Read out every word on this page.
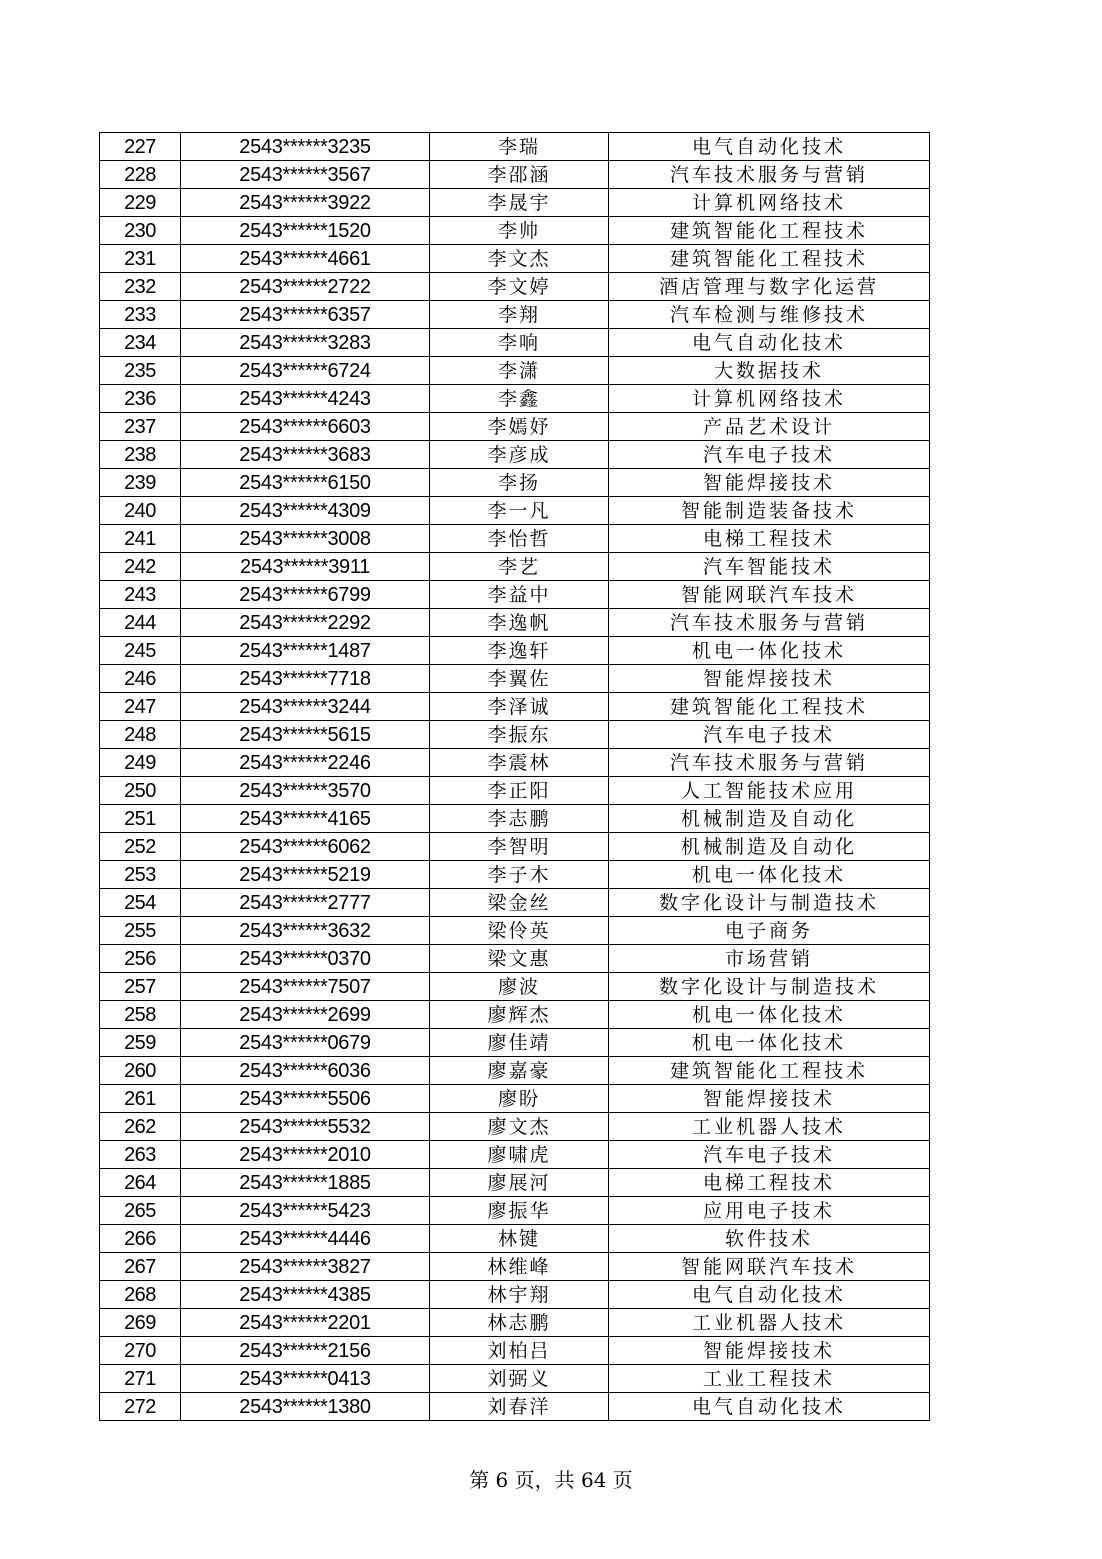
227	2543******3235	李瑞	电气自动化技术
228	2543******3567	李邵涵	汽车技术服务与营销
229	2543******3922	李晟宇	计算机网络技术
230	2543******1520	李帅	建筑智能化工程技术
231	2543******4661	李文杰	建筑智能化工程技术
232	2543******2722	李文婷	酒店管理与数字化运营
233	2543******6357	李翔	汽车检测与维修技术
234	2543******3283	李响	电气自动化技术
235	2543******6724	李潇	大数据技术
236	2543******4243	李鑫	计算机网络技术
237	2543******6603	李嫣妤	产品艺术设计
238	2543******3683	李彦成	汽车电子技术
239	2543******6150	李扬	智能焊接技术
240	2543******4309	李一凡	智能制造装备技术
241	2543******3008	李怡哲	电梯工程技术
242	2543******3911	李艺	汽车智能技术
243	2543******6799	李益中	智能网联汽车技术
244	2543******2292	李逸帆	汽车技术服务与营销
245	2543******1487	李逸轩	机电一体化技术
246	2543******7718	李翼佐	智能焊接技术
247	2543******3244	李泽诚	建筑智能化工程技术
248	2543******5615	李振东	汽车电子技术
249	2543******2246	李震林	汽车技术服务与营销
250	2543******3570	李正阳	人工智能技术应用
251	2543******4165	李志鹏	机械制造及自动化
252	2543******6062	李智明	机械制造及自动化
253	2543******5219	李子木	机电一体化技术
254	2543******2777	梁金丝	数字化设计与制造技术
255	2543******3632	梁伶英	电子商务
256	2543******0370	梁文惠	市场营销
257	2543******7507	廖波	数字化设计与制造技术
258	2543******2699	廖辉杰	机电一体化技术
259	2543******0679	廖佳靖	机电一体化技术
260	2543******6036	廖嘉豪	建筑智能化工程技术
261	2543******5506	廖盼	智能焊接技术
262	2543******5532	廖文杰	工业机器人技术
263	2543******2010	廖啸虎	汽车电子技术
264	2543******1885	廖展河	电梯工程技术
265	2543******5423	廖振华	应用电子技术
266	2543******4446	林键	软件技术
267	2543******3827	林维峰	智能网联汽车技术
268	2543******4385	林宇翔	电气自动化技术
269	2543******2201	林志鹏	工业机器人技术
270	2543******2156	刘柏吕	智能焊接技术
271	2543******0413	刘弼义	工业工程技术
272	2543******1380	刘春洋	电气自动化技术
第 6 页，共 64 页
